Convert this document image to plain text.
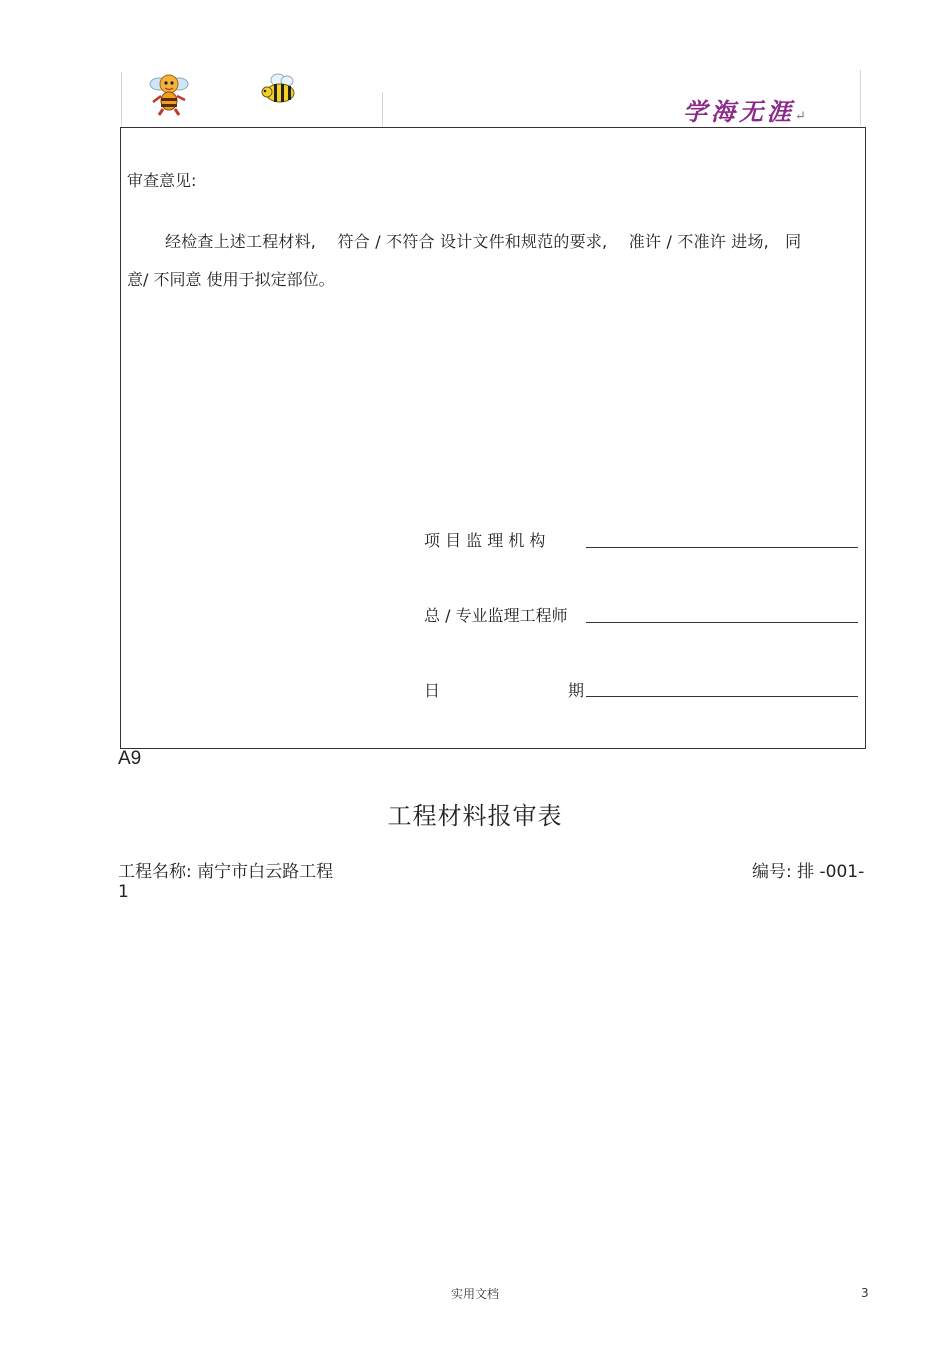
学海无涯↵
审查意见:
经检查上述工程材料,　 符合 / 不符合 设计文件和规范的要求,　 准许 / 不准许 进场,　同
意/ 不同意 使用于拟定部位。
项 目 监 理 机 构
总 / 专业监理工程师
日	期
A9
工程材料报审表
工程名称: 南宁市白云路工程	编号: 排 -001-
1
实用文档	3
